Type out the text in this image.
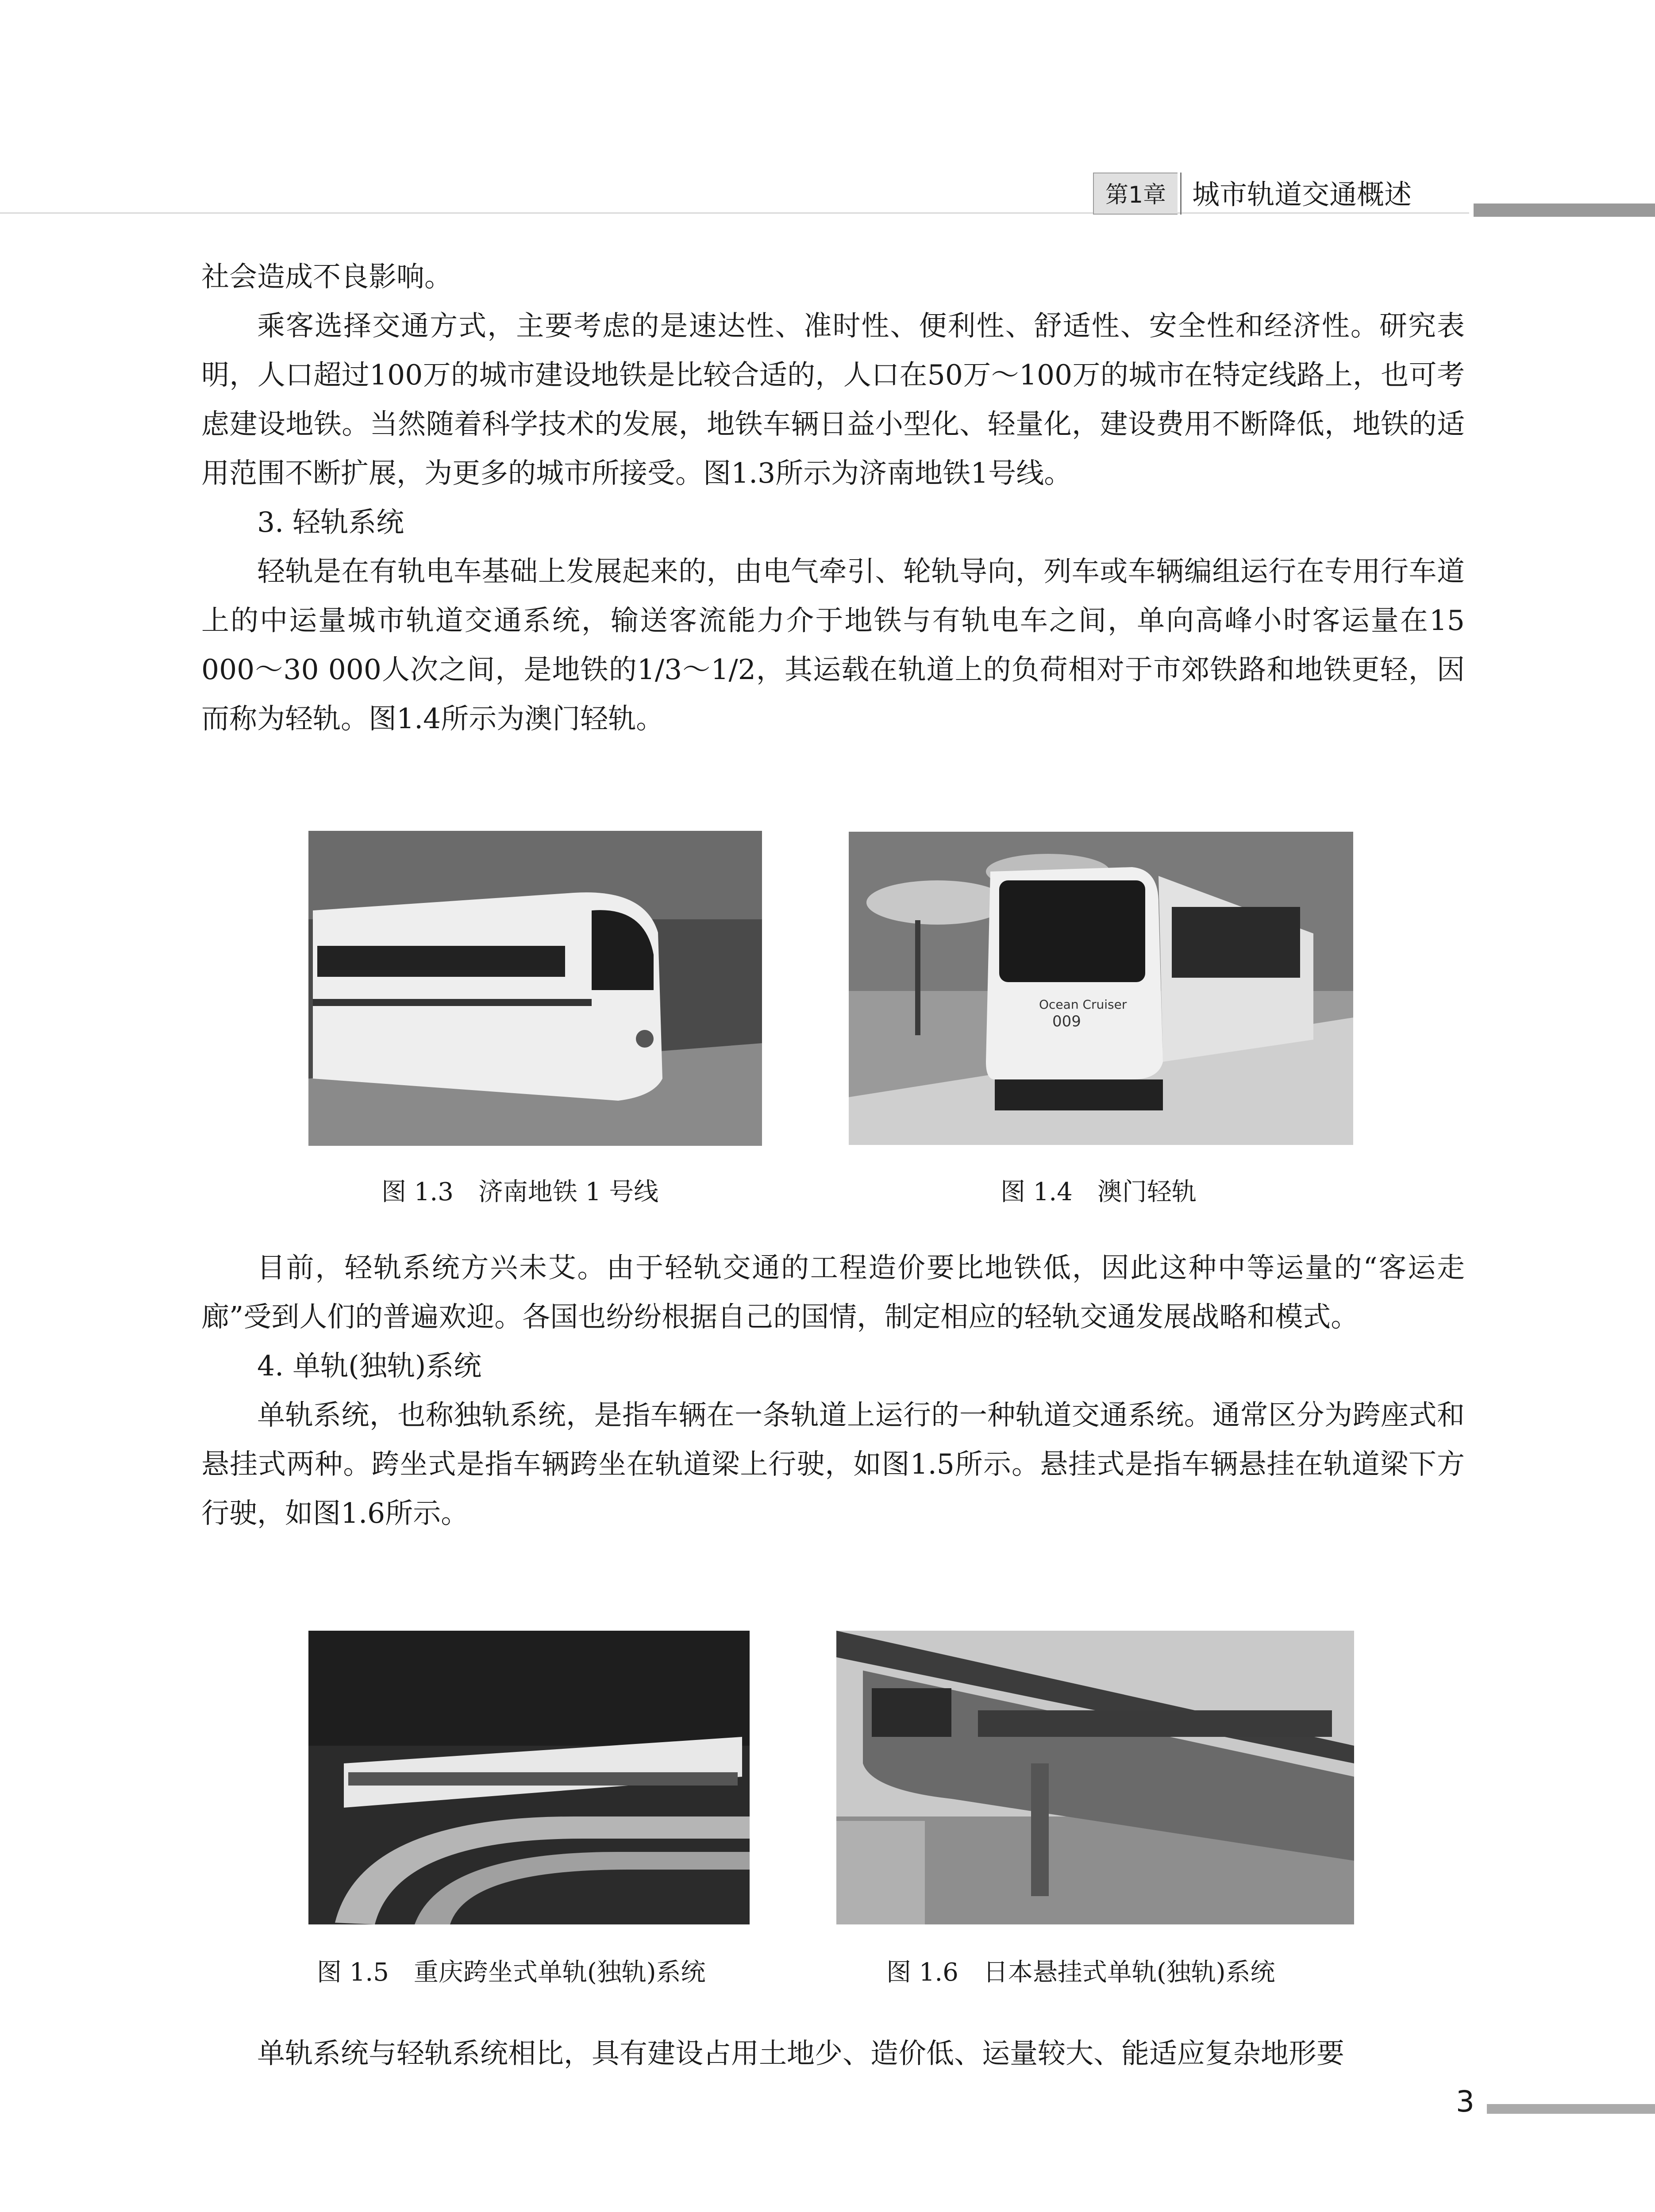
第1章 城市轨道交通概述

社会造成不良影响。

乘客选择交通方式，主要考虑的是速达性、准时性、便利性、舒适性、安全性和经济性。研究表明，人口超过100万的城市建设地铁是比较合适的，人口在50万～100万的城市在特定线路上，也可考虑建设地铁。当然随着科学技术的发展，地铁车辆日益小型化、轻量化，建设费用不断降低，地铁的适用范围不断扩展，为更多的城市所接受。图1.3所示为济南地铁1号线。

3. 轻轨系统

轻轨是在有轨电车基础上发展起来的，由电气牵引、轮轨导向，列车或车辆编组运行在专用行车道上的中运量城市轨道交通系统，输送客流能力介于地铁与有轨电车之间，单向高峰小时客运量在15 000～30 000人次之间，是地铁的1/3～1/2，其运载在轨道上的负荷相对于市郊铁路和地铁更轻，因而称为轻轨。图1.4所示为澳门轻轨。

图 1.3　济南地铁 1 号线
Ocean Cruiser
009
图 1.4　澳门轻轨

目前，轻轨系统方兴未艾。由于轻轨交通的工程造价要比地铁低，因此这种中等运量的“客运走廊”受到人们的普遍欢迎。各国也纷纷根据自己的国情，制定相应的轻轨交通发展战略和模式。

4. 单轨(独轨)系统

单轨系统，也称独轨系统，是指车辆在一条轨道上运行的一种轨道交通系统。通常区分为跨座式和悬挂式两种。跨坐式是指车辆跨坐在轨道梁上行驶，如图1.5所示。悬挂式是指车辆悬挂在轨道梁下方行驶，如图1.6所示。

图 1.5　重庆跨坐式单轨(独轨)系统	图 1.6　日本悬挂式单轨(独轨)系统

单轨系统与轻轨系统相比，具有建设占用土地少、造价低、运量较大、能适应复杂地形要

3
